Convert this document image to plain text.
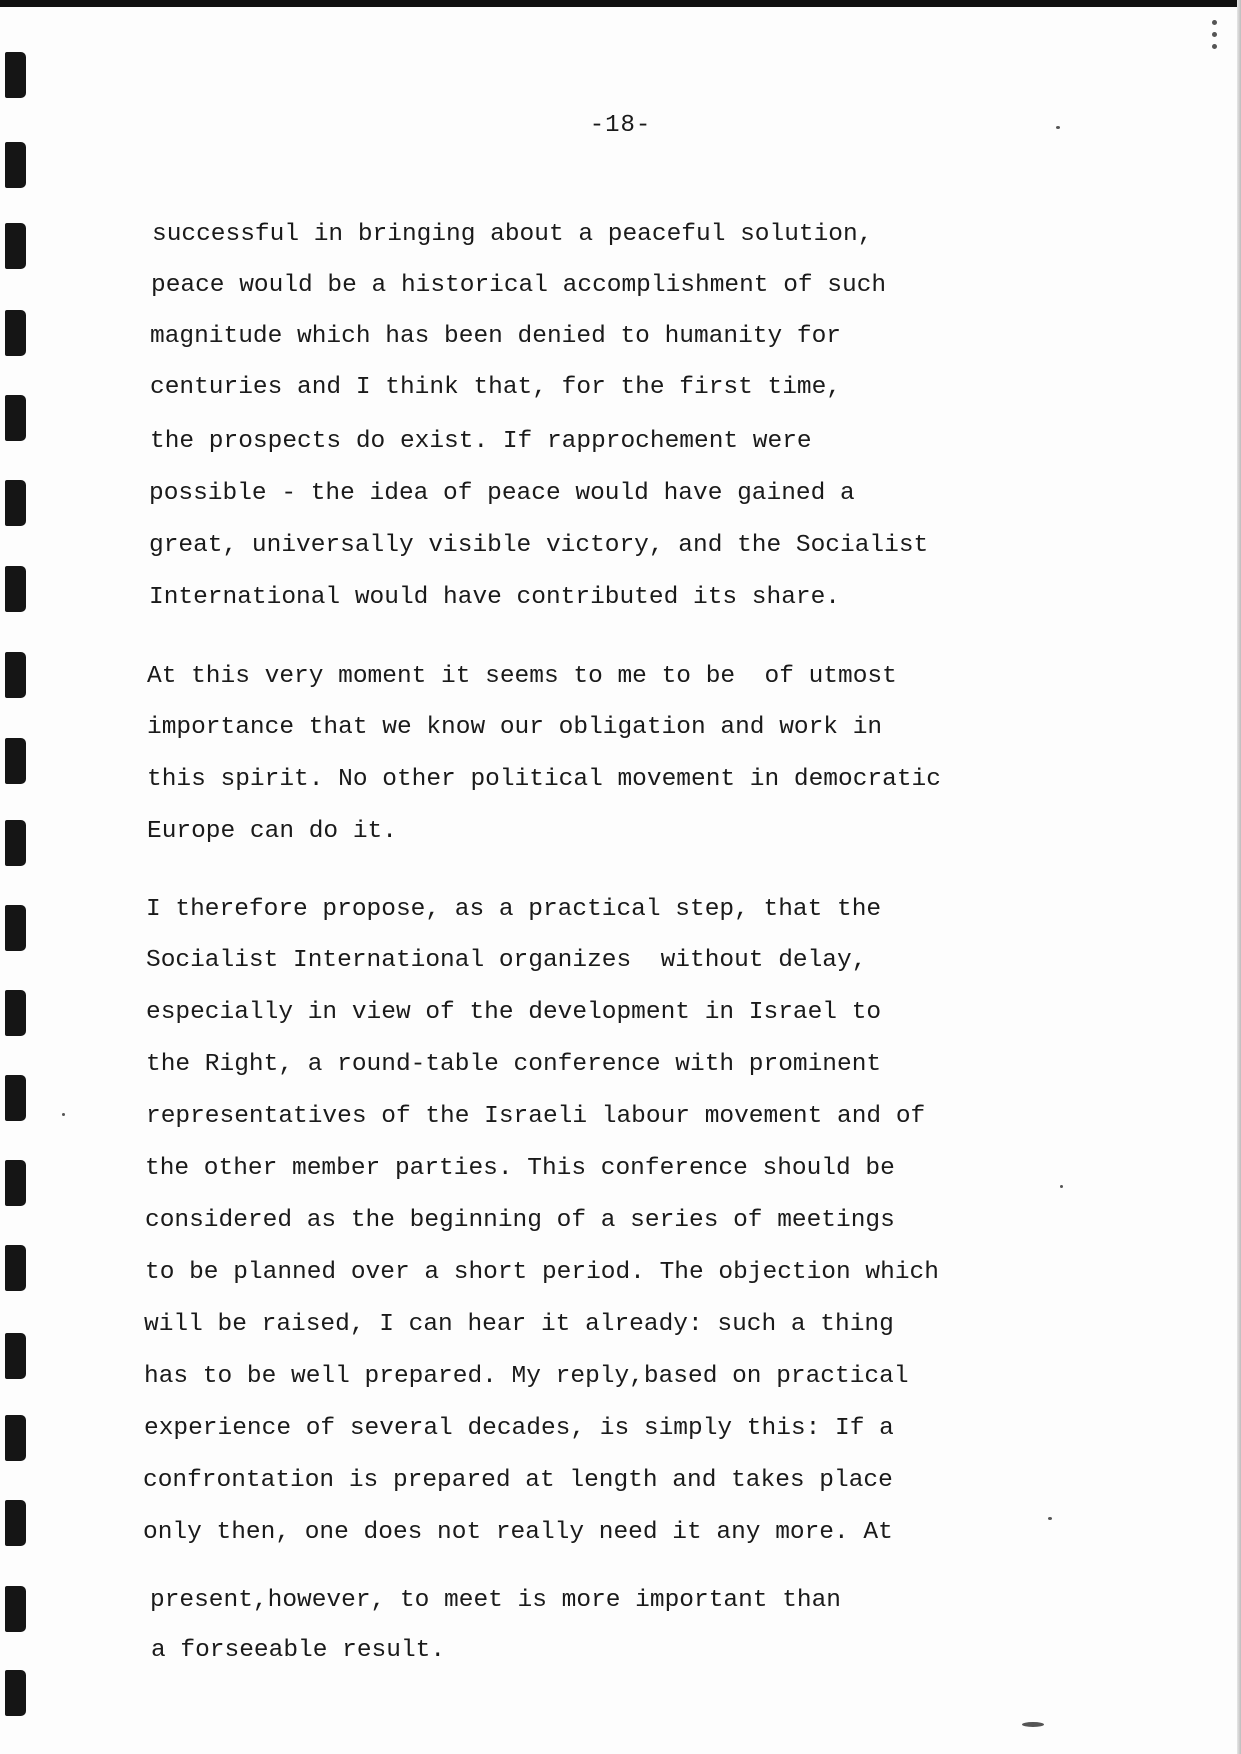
-18-

successful in bringing about a peaceful solution,

peace would be a historical accomplishment of such

magnitude which has been denied to humanity for

centuries and I think that, for the first time,

the prospects do exist. If rapprochement were

possible - the idea of peace would have gained a

great, universally visible victory, and the Socialist

International would have contributed its share.

At this very moment it seems to me to be  of utmost

importance that we know our obligation and work in

this spirit. No other political movement in democratic

Europe can do it.

I therefore propose, as a practical step, that the

Socialist International organizes  without delay,

especially in view of the development in Israel to

the Right, a round-table conference with prominent

representatives of the Israeli labour movement and of

the other member parties. This conference should be

considered as the beginning of a series of meetings

to be planned over a short period. The objection which

will be raised, I can hear it already: such a thing

has to be well prepared. My reply,based on practical

experience of several decades, is simply this: If a

confrontation is prepared at length and takes place

only then, one does not really need it any more. At

present,however, to meet is more important than

a forseeable result.
